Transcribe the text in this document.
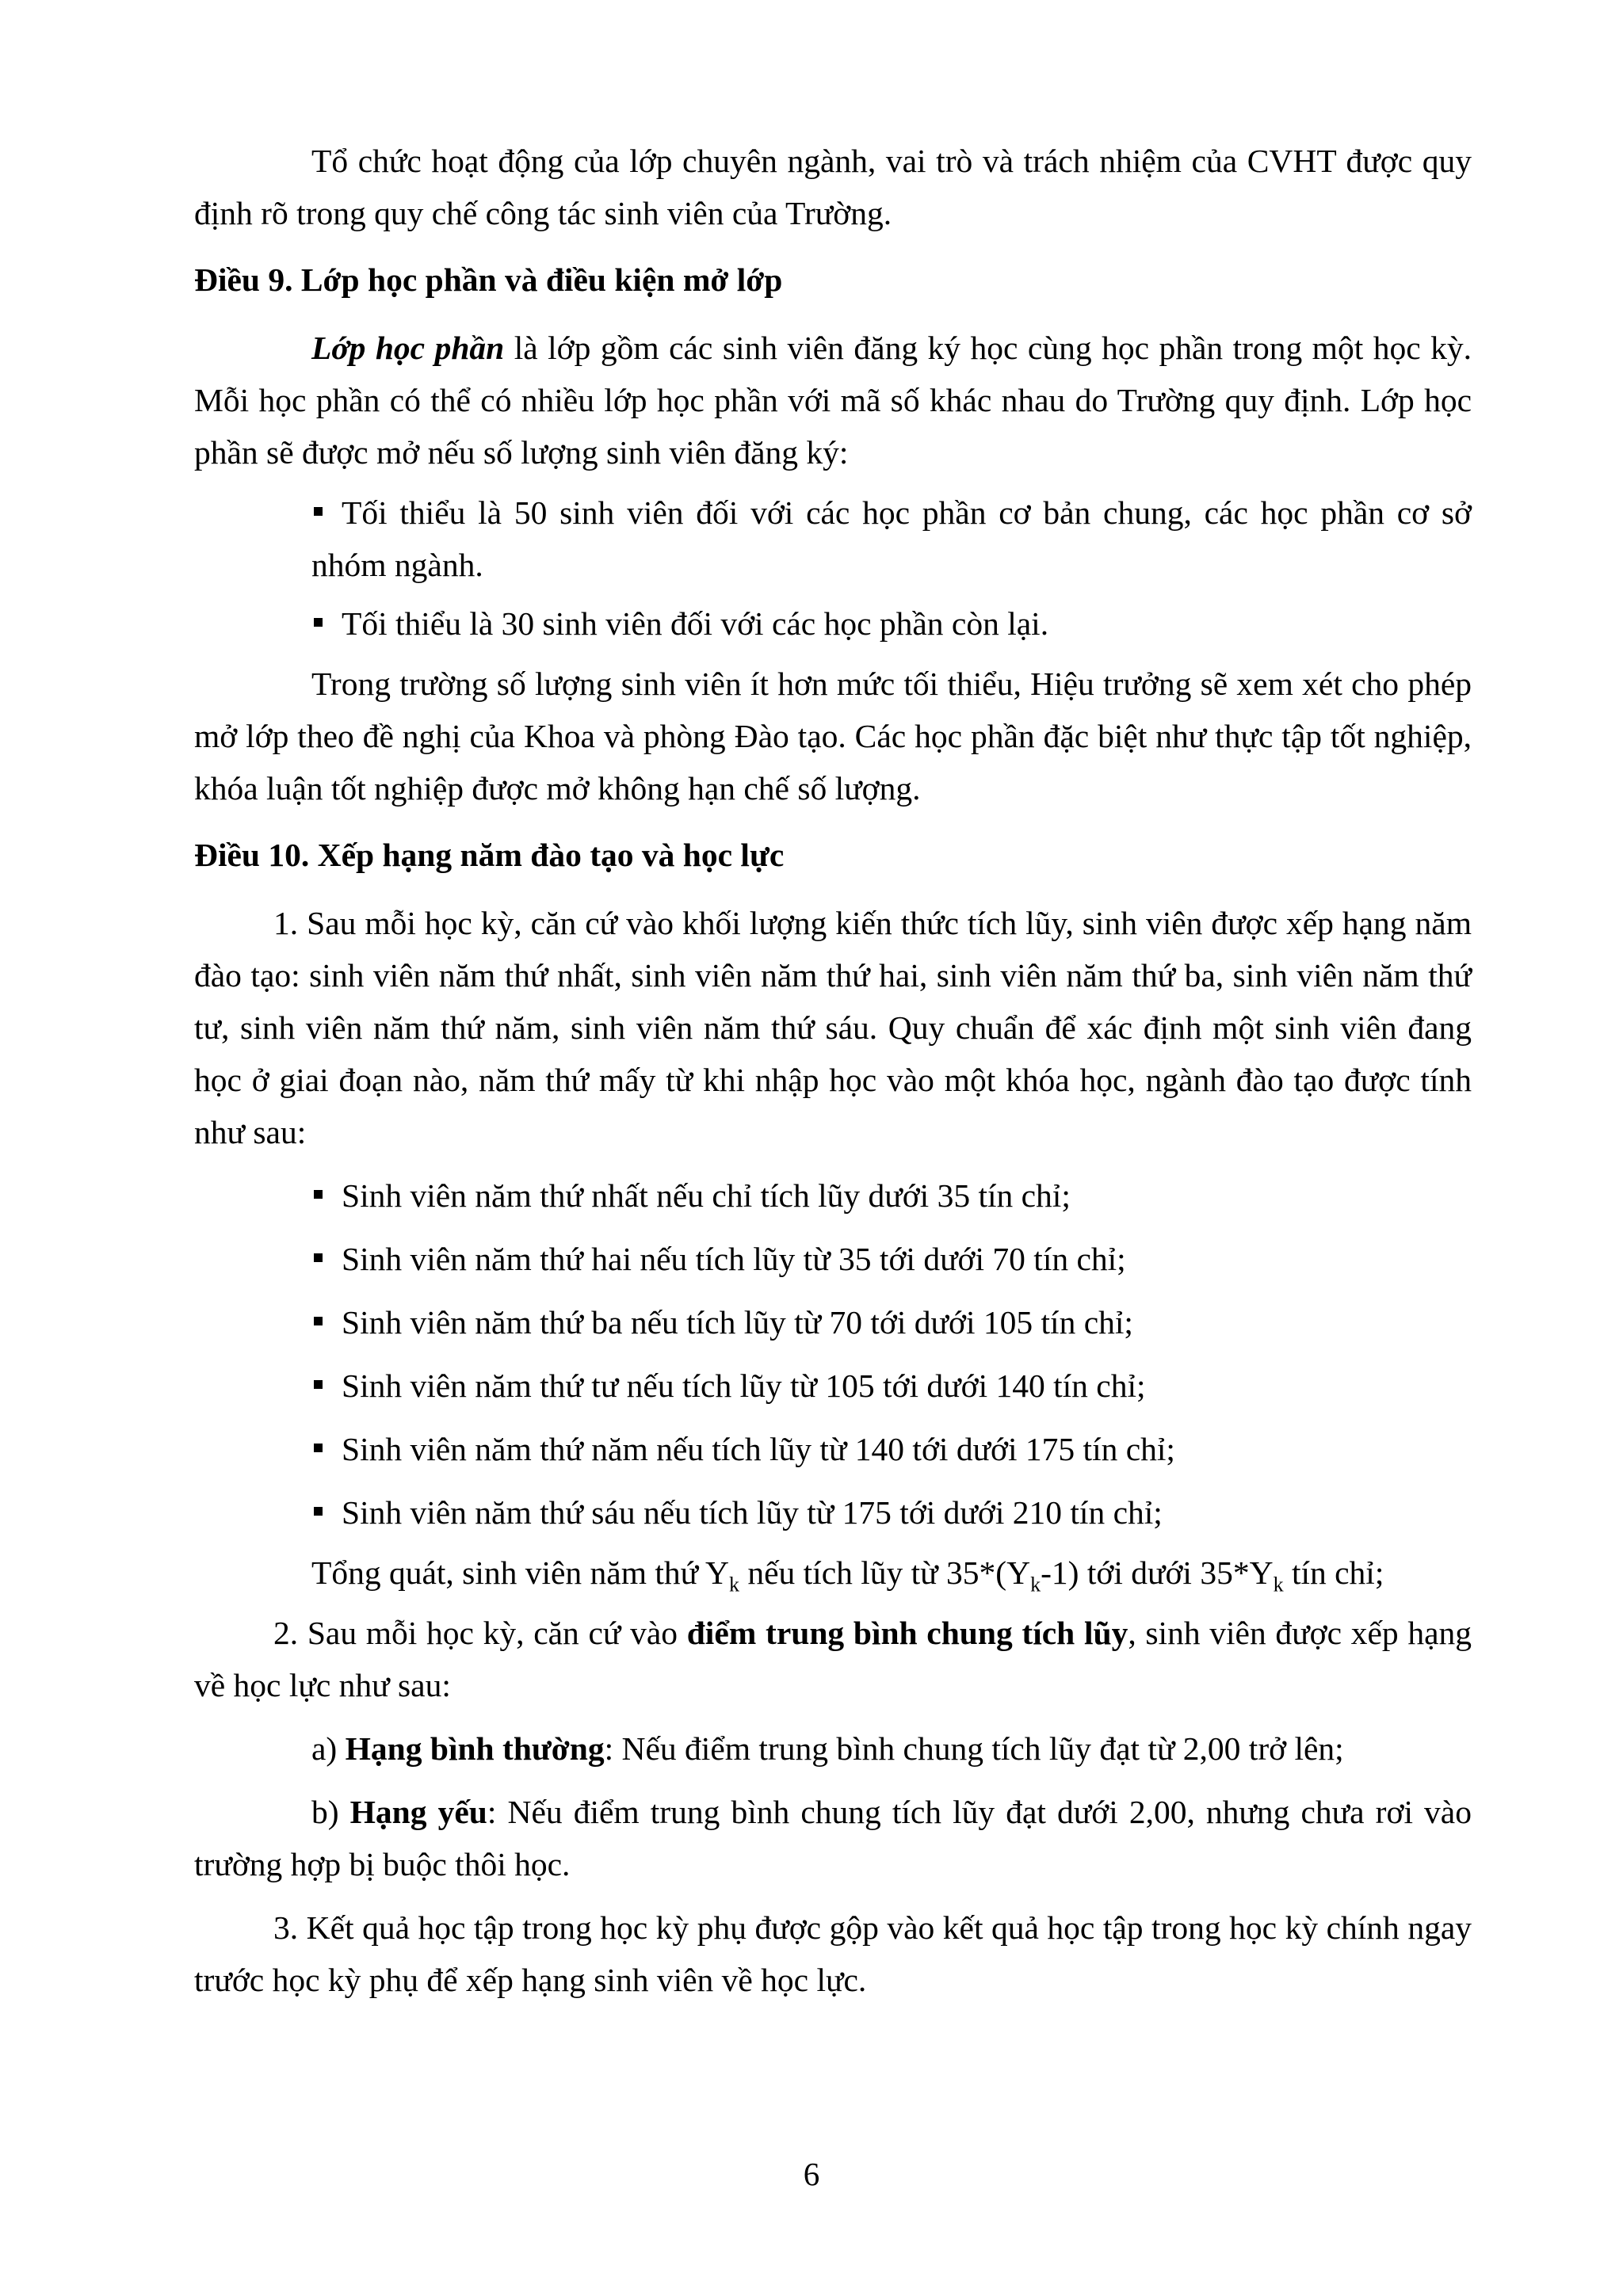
Tổ chức hoạt động của lớp chuyên ngành, vai trò và trách nhiệm của CVHT được quy định rõ trong quy chế công tác sinh viên của Trường.

Điều 9. Lớp học phần và điều kiện mở lớp

Lớp học phần là lớp gồm các sinh viên đăng ký học cùng học phần trong một học kỳ. Mỗi học phần có thể có nhiều lớp học phần với mã số khác nhau do Trường quy định. Lớp học phần sẽ được mở nếu số lượng sinh viên đăng ký:

Tối thiểu là 50 sinh viên đối với các học phần cơ bản chung, các học phần cơ sở nhóm ngành.

Tối thiểu là 30 sinh viên đối với các học phần còn lại.

Trong trường số lượng sinh viên ít hơn mức tối thiểu, Hiệu trưởng sẽ xem xét cho phép mở lớp theo đề nghị của Khoa và phòng Đào tạo. Các học phần đặc biệt như thực tập tốt nghiệp, khóa luận tốt nghiệp được mở không hạn chế số lượng.

Điều 10. Xếp hạng năm đào tạo và học lực

1. Sau mỗi học kỳ, căn cứ vào khối lượng kiến thức tích lũy, sinh viên được xếp hạng năm đào tạo: sinh viên năm thứ nhất, sinh viên năm thứ hai, sinh viên năm thứ ba, sinh viên năm thứ tư, sinh viên năm thứ năm, sinh viên năm thứ sáu. Quy chuẩn để xác định một sinh viên đang học ở giai đoạn nào, năm thứ mấy từ khi nhập học vào một khóa học, ngành đào tạo được tính như sau:

Sinh viên năm thứ nhất nếu chỉ tích lũy dưới 35 tín chỉ;

Sinh viên năm thứ hai nếu tích lũy từ 35 tới dưới 70 tín chỉ;

Sinh viên năm thứ ba nếu tích lũy từ 70 tới dưới 105 tín chỉ;

Sinh viên năm thứ tư nếu tích lũy từ 105 tới dưới 140 tín chỉ;

Sinh viên năm thứ năm nếu tích lũy từ 140 tới dưới 175 tín chỉ;

Sinh viên năm thứ sáu nếu tích lũy từ 175 tới dưới 210 tín chỉ;

Tổng quát, sinh viên năm thứ $Y_k$ nếu tích lũy từ $35*(Y_k-1)$ tới dưới $35*Y_k$ tín chỉ;

2. Sau mỗi học kỳ, căn cứ vào điểm trung bình chung tích lũy, sinh viên được xếp hạng về học lực như sau:

a) Hạng bình thường: Nếu điểm trung bình chung tích lũy đạt từ 2,00 trở lên;

b) Hạng yếu: Nếu điểm trung bình chung tích lũy đạt dưới 2,00, nhưng chưa rơi vào trường hợp bị buộc thôi học.

3. Kết quả học tập trong học kỳ phụ được gộp vào kết quả học tập trong học kỳ chính ngay trước học kỳ phụ để xếp hạng sinh viên về học lực.

6
